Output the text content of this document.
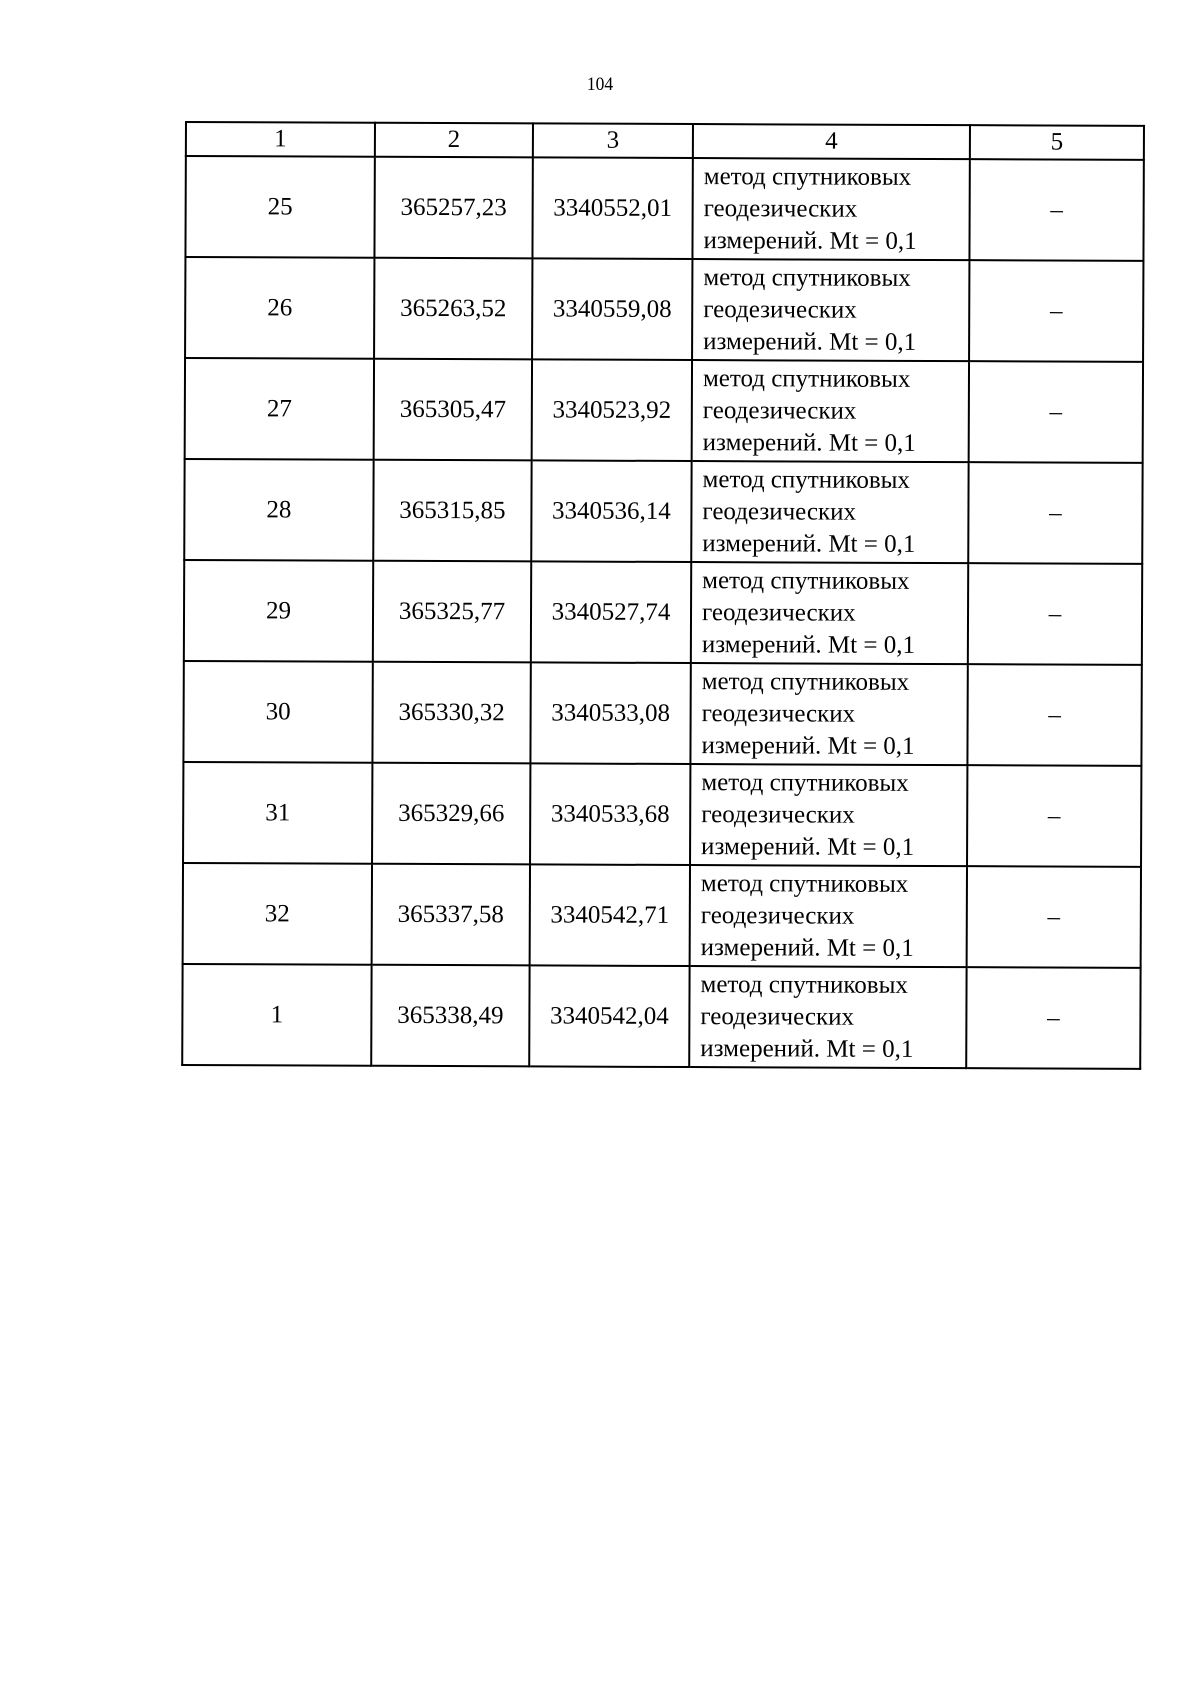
104
1	2	3	4	5
25	365257,23	3340552,01	метод спутниковых
геодезических
измерений. Mt = 0,1	–
26	365263,52	3340559,08	метод спутниковых
геодезических
измерений. Mt = 0,1	–
27	365305,47	3340523,92	метод спутниковых
геодезических
измерений. Mt = 0,1	–
28	365315,85	3340536,14	метод спутниковых
геодезических
измерений. Mt = 0,1	–
29	365325,77	3340527,74	метод спутниковых
геодезических
измерений. Mt = 0,1	–
30	365330,32	3340533,08	метод спутниковых
геодезических
измерений. Mt = 0,1	–
31	365329,66	3340533,68	метод спутниковых
геодезических
измерений. Mt = 0,1	–
32	365337,58	3340542,71	метод спутниковых
геодезических
измерений. Mt = 0,1	–
1	365338,49	3340542,04	метод спутниковых
геодезических
измерений. Mt = 0,1	–
